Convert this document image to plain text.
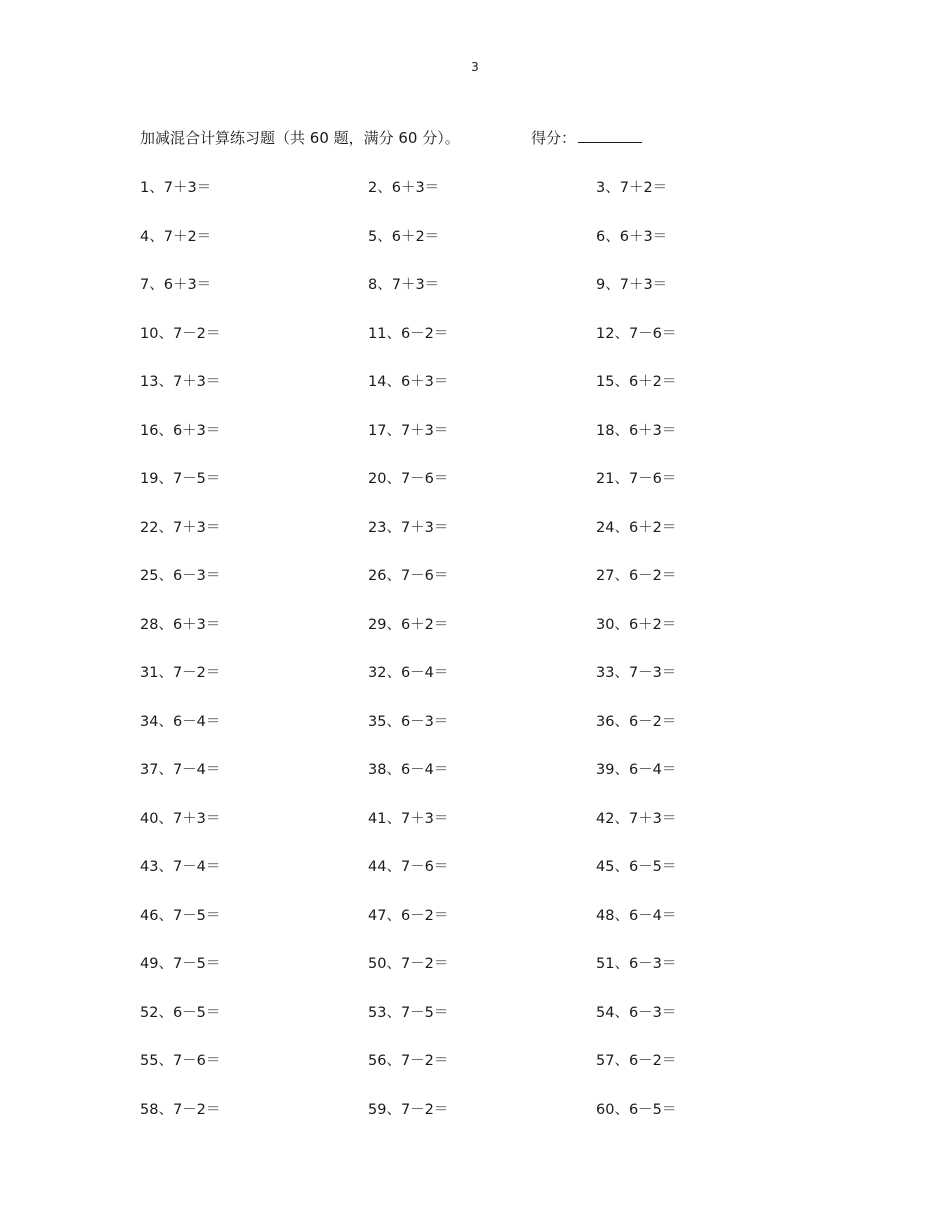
3
加减混合计算练习题（共 60 题，满分 60 分）。	得分：
1、7＋3＝	2、6＋3＝	3、7＋2＝
4、7＋2＝	5、6＋2＝	6、6＋3＝
7、6＋3＝	8、7＋3＝	9、7＋3＝
10、7－2＝	11、6－2＝	12、7－6＝
13、7＋3＝	14、6＋3＝	15、6＋2＝
16、6＋3＝	17、7＋3＝	18、6＋3＝
19、7－5＝	20、7－6＝	21、7－6＝
22、7＋3＝	23、7＋3＝	24、6＋2＝
25、6－3＝	26、7－6＝	27、6－2＝
28、6＋3＝	29、6＋2＝	30、6＋2＝
31、7－2＝	32、6－4＝	33、7－3＝
34、6－4＝	35、6－3＝	36、6－2＝
37、7－4＝	38、6－4＝	39、6－4＝
40、7＋3＝	41、7＋3＝	42、7＋3＝
43、7－4＝	44、7－6＝	45、6－5＝
46、7－5＝	47、6－2＝	48、6－4＝
49、7－5＝	50、7－2＝	51、6－3＝
52、6－5＝	53、7－5＝	54、6－3＝
55、7－6＝	56、7－2＝	57、6－2＝
58、7－2＝	59、7－2＝	60、6－5＝
